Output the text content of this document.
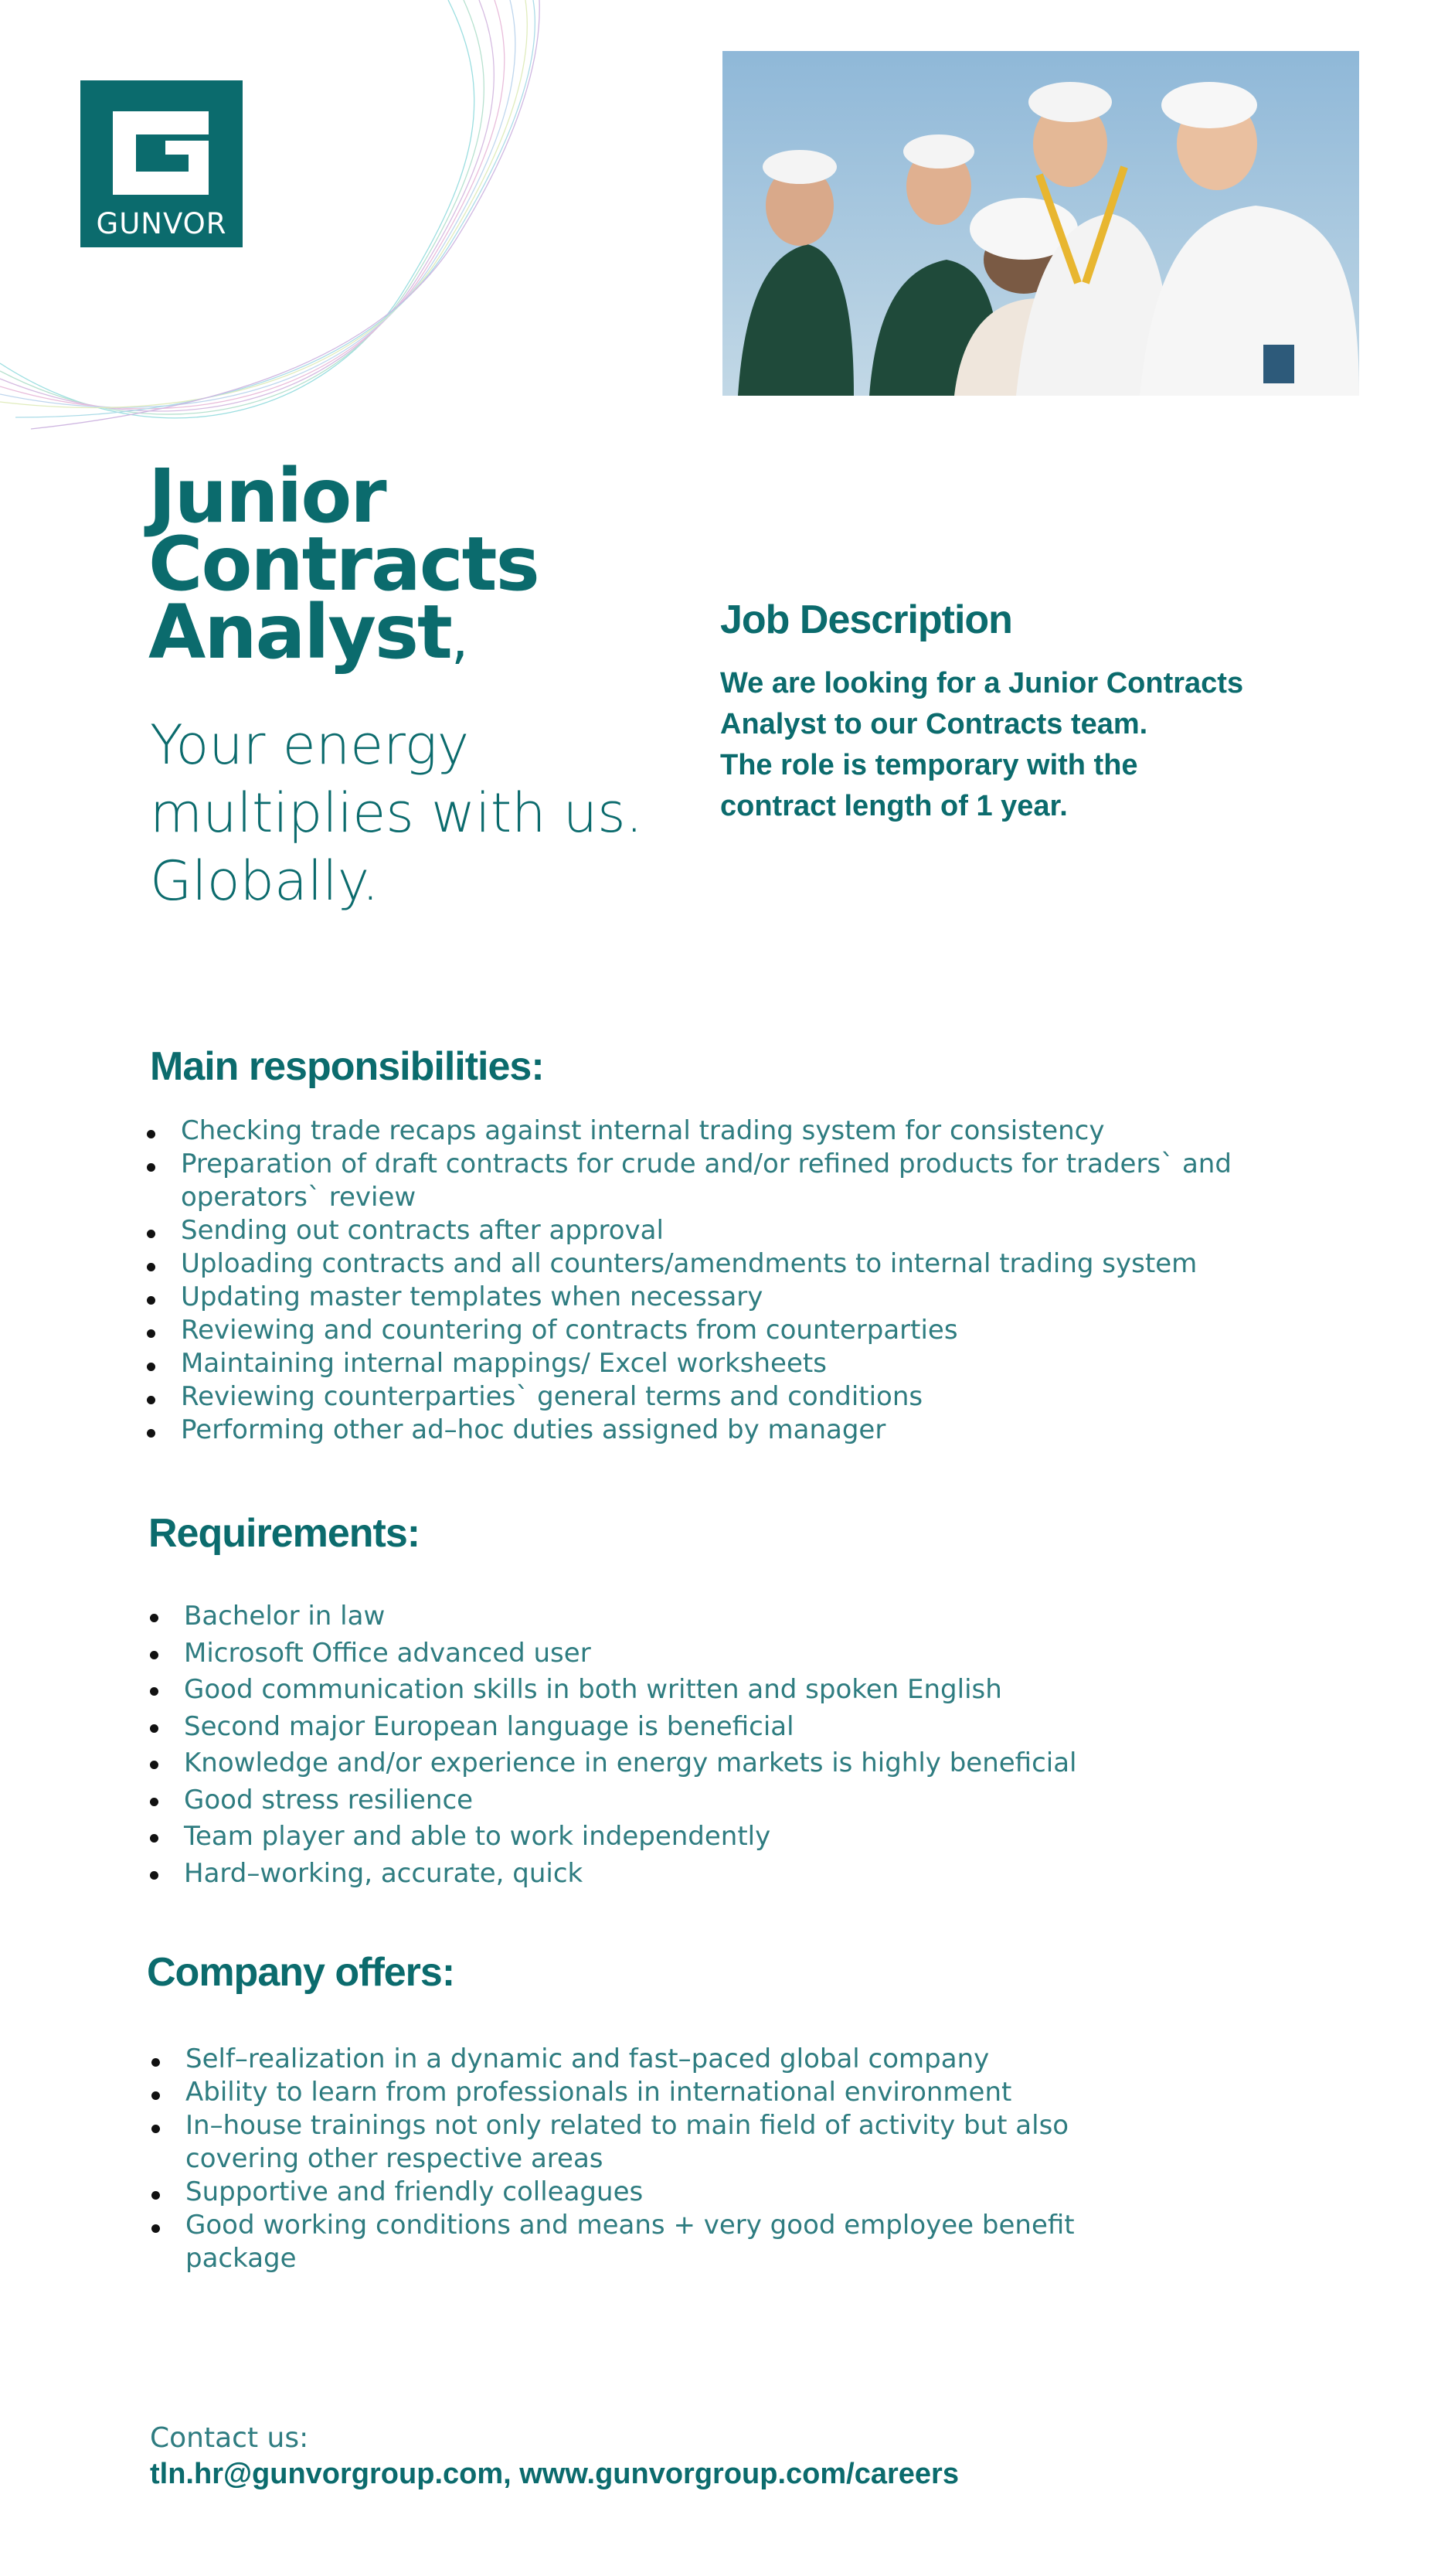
GUNVOR
Junior
Contracts
Analyst,
Your energy
multiplies with us.
Globally.
Job Description
We are looking for a Junior Contracts
Analyst to our Contracts team.
The role is temporary with the
contract length of 1 year.
Main responsibilities:
Checking trade recaps against internal trading system for consistency
Preparation of draft contracts for crude and/or refined products for traders` and operators` review
Sending out contracts after approval
Uploading contracts and all counters/amendments to internal trading system
Updating master templates when necessary
Reviewing and countering of contracts from counterparties
Maintaining internal mappings/ Excel worksheets
Reviewing counterparties` general terms and conditions
Performing other ad–hoc duties assigned by manager
Requirements:
Bachelor in law
Microsoft Office advanced user
Good communication skills in both written and spoken English
Second major European language is beneficial
Knowledge and/or experience in energy markets is highly beneficial
Good stress resilience
Team player and able to work independently
Hard–working, accurate, quick
Company offers:
Self–realization in a dynamic and fast–paced global company
Ability to learn from professionals in international environment
In–house trainings not only related to main field of activity but also covering other respective areas
Supportive and friendly colleagues
Good working conditions and means + very good employee benefit package
Contact us:
tln.hr@gunvorgroup.com, www.gunvorgroup.com/careers
